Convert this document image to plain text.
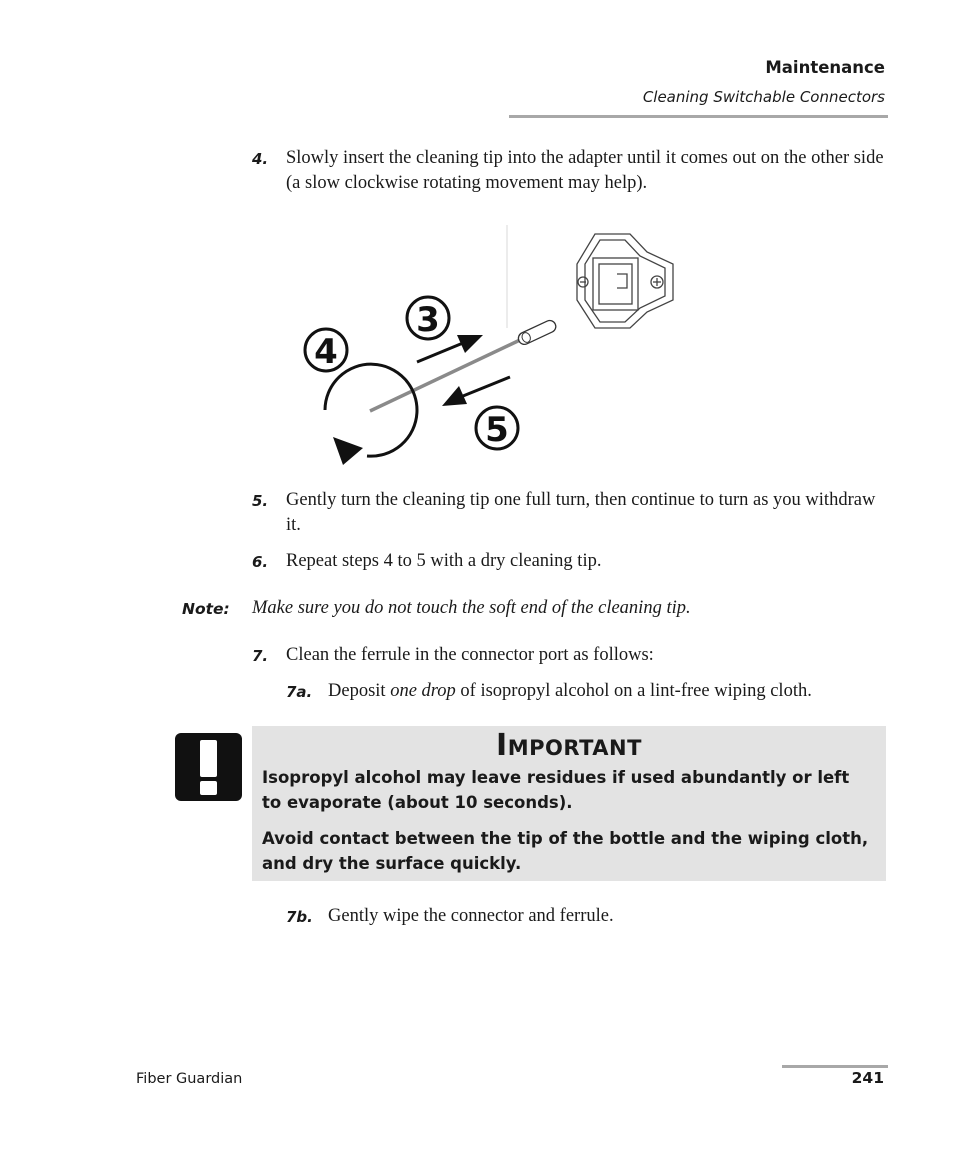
Maintenance
Cleaning Switchable Connectors
4. Slowly insert the cleaning tip into the adapter until it comes out on the other side (a slow clockwise rotating movement may help).
3
4
5
5. Gently turn the cleaning tip one full turn, then continue to turn as you withdraw it.
6. Repeat steps 4 to 5 with a dry cleaning tip.
Note: Make sure you do not touch the soft end of the cleaning tip.
7. Clean the ferrule in the connector port as follows:
7a. Deposit one drop of isopropyl alcohol on a lint-free wiping cloth.
Important
Isopropyl alcohol may leave residues if used abundantly or left to evaporate (about 10 seconds).
Avoid contact between the tip of the bottle and the wiping cloth, and dry the surface quickly.
7b. Gently wipe the connector and ferrule.
Fiber Guardian	241
